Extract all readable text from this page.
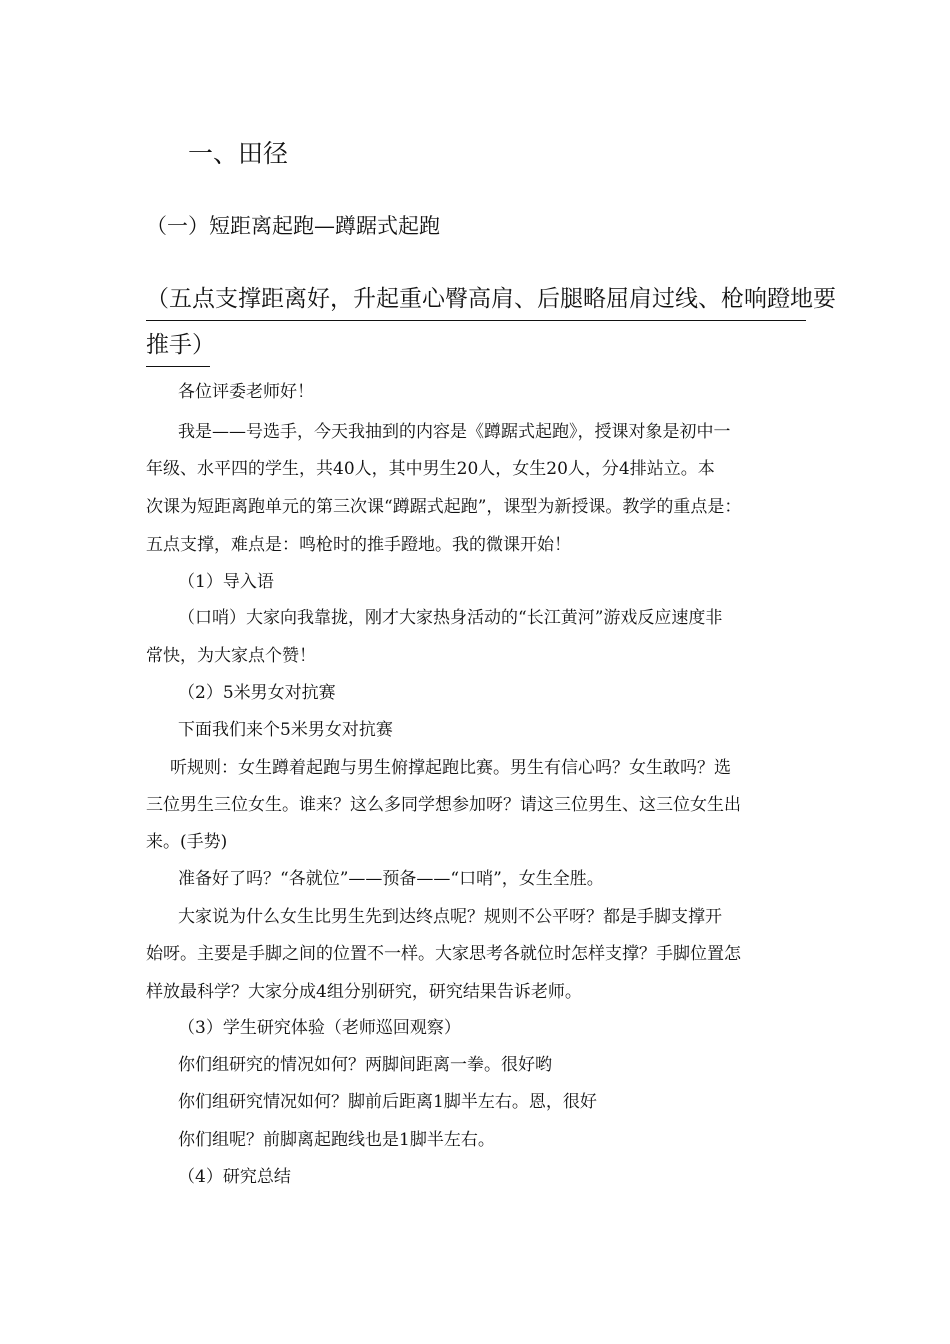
一、田径
（一）短距离起跑—蹲踞式起跑
（五点支撑距离好，升起重心臀高肩、后腿略屈肩过线、枪响蹬地要
推手）
各位评委老师好！
我是——号选手，今天我抽到的内容是《蹲踞式起跑》，授课对象是初中一
年级、水平四的学生，共40人，其中男生20人，女生20人，分4排站立。本
次课为短距离跑单元的第三次课“蹲踞式起跑”，课型为新授课。教学的重点是：
五点支撑，难点是：鸣枪时的推手蹬地。我的微课开始！
（1）导入语
（口哨）大家向我靠拢，刚才大家热身活动的“长江黄河”游戏反应速度非
常快，为大家点个赞！
（2）5米男女对抗赛
下面我们来个5米男女对抗赛
听规则：女生蹲着起跑与男生俯撑起跑比赛。男生有信心吗？女生敢吗？选
三位男生三位女生。谁来？这么多同学想参加呀？请这三位男生、这三位女生出
来。(手势)
准备好了吗？“各就位”——预备——“口哨”，女生全胜。
大家说为什么女生比男生先到达终点呢？规则不公平呀？都是手脚支撑开
始呀。主要是手脚之间的位置不一样。大家思考各就位时怎样支撑？手脚位置怎
样放最科学？大家分成4组分别研究，研究结果告诉老师。
（3）学生研究体验（老师巡回观察）
你们组研究的情况如何？两脚间距离一拳。很好哟
你们组研究情况如何？脚前后距离1脚半左右。恩，很好
你们组呢？前脚离起跑线也是1脚半左右。
（4）研究总结
